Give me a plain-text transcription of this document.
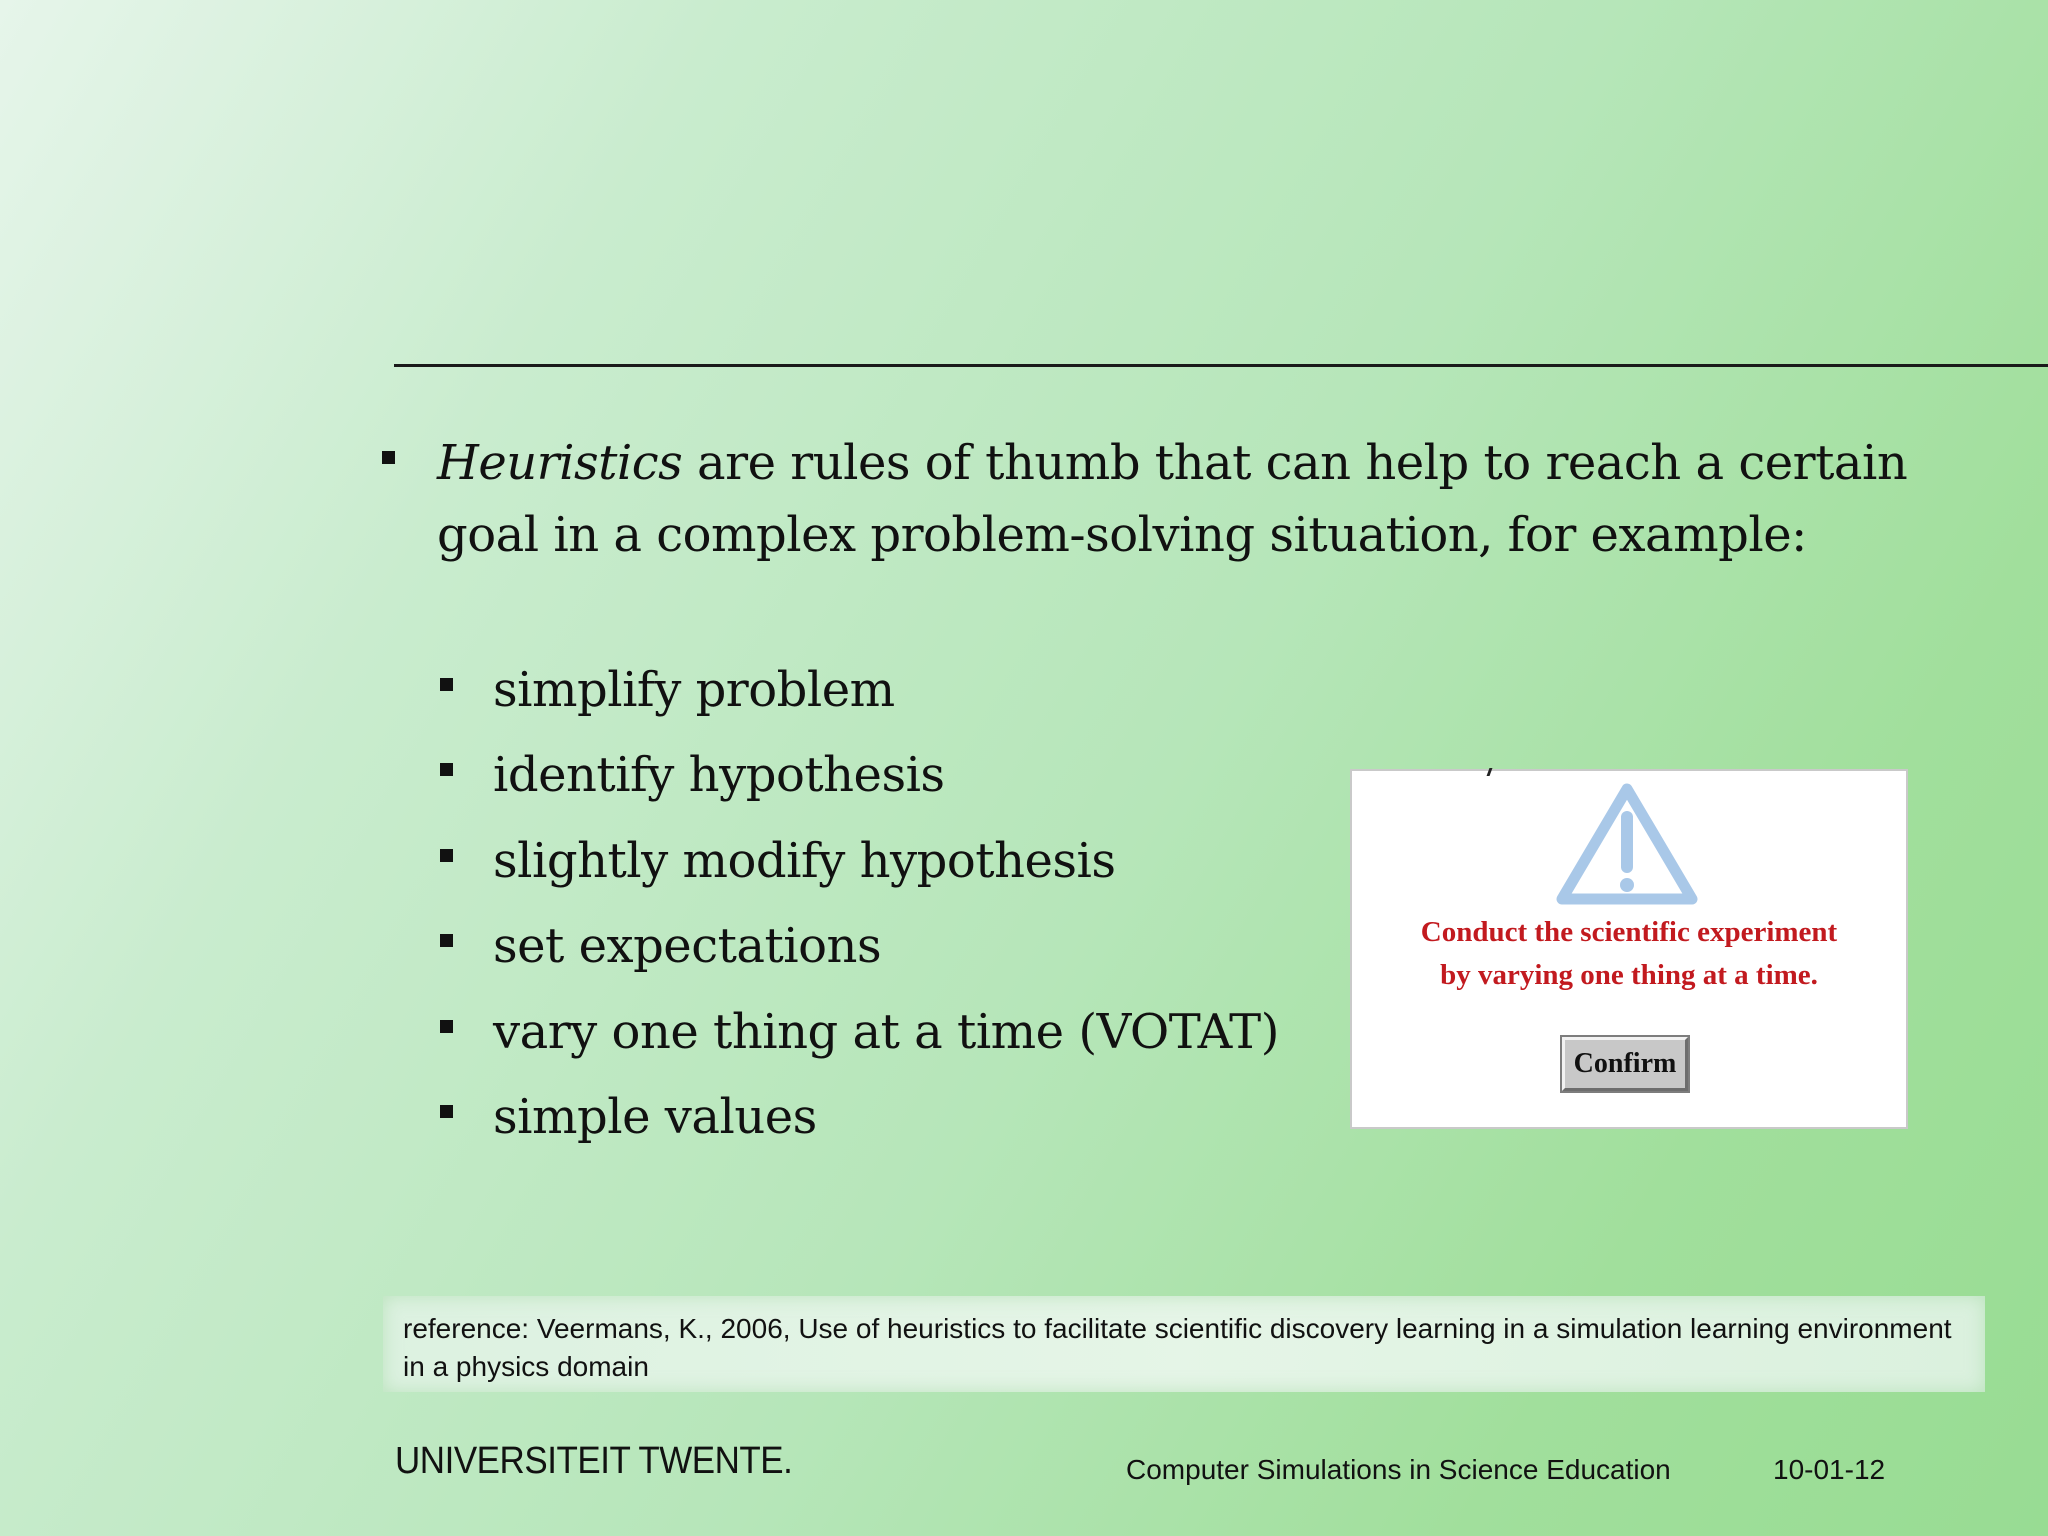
Heuristics are rules of thumb that can help to reach a certain goal in a complex problem-solving situation, for example:
simplify problem
identify hypothesis
slightly modify hypothesis
set expectations
vary one thing at a time (VOTAT)
simple values
Conduct the scientific experiment
by varying one thing at a time.
Confirm
reference: Veermans, K., 2006, Use of heuristics to facilitate scientific discovery learning in a simulation learning environment in a physics domain
UNIVERSITEIT TWENTE.	Computer Simulations in Science Education	10-01-12
